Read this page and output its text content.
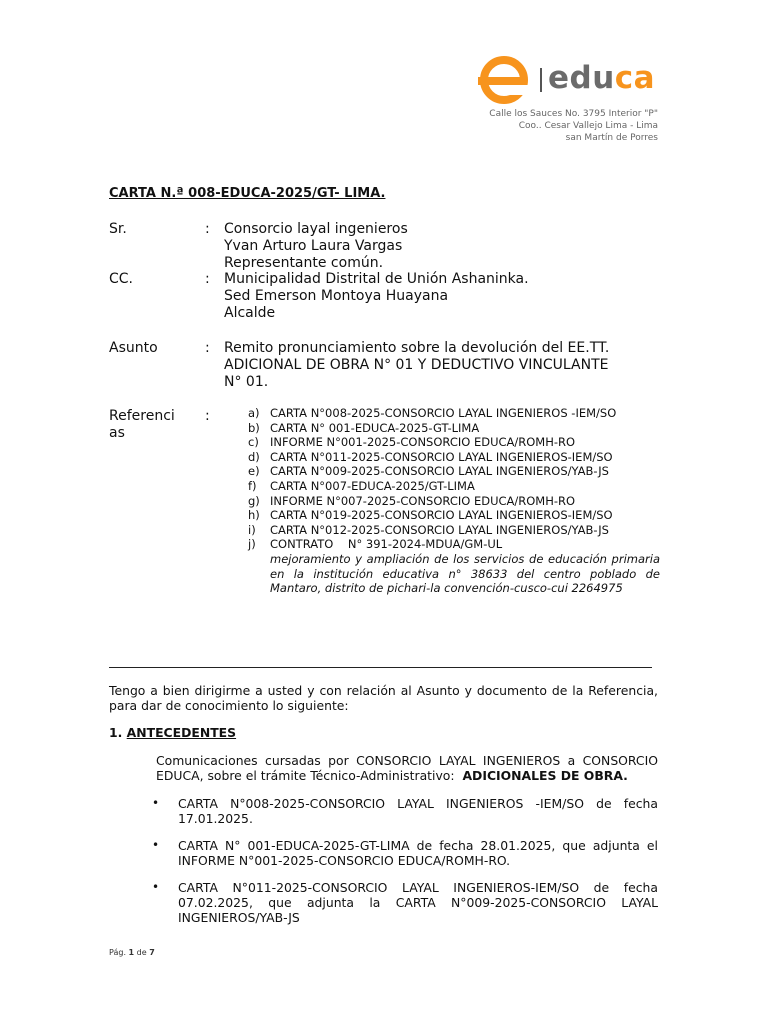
educa
Calle los Sauces No. 3795 Interior "P"
Coo.. Cesar Vallejo Lima - Lima
san Martín de Porres
CARTA N.ª 008-EDUCA-2025/GT- LIMA.
Sr.	: Consorcio layal ingenieros
Yvan Arturo Laura Vargas
Representante común.
CC.	: Municipalidad Distrital de Unión Ashaninka.
Sed Emerson Montoya Huayana
Alcalde
Asunto	: Remito pronunciamiento sobre la devolución del EE.TT.
ADICIONAL DE OBRA N° 01 Y DEDUCTIVO VINCULANTE
N° 01.
Referenci
as
:	a) CARTA N°008-2025-CONSORCIO LAYAL INGENIEROS -IEM/SO
b) CARTA N° 001-EDUCA-2025-GT-LIMA
c) INFORME N°001-2025-CONSORCIO EDUCA/ROMH-RO
d) CARTA N°011-2025-CONSORCIO LAYAL INGENIEROS-IEM/SO
e) CARTA N°009-2025-CONSORCIO LAYAL INGENIEROS/YAB-JS
f)	CARTA N°007-EDUCA-2025/GT-LIMA
g) INFORME N°007-2025-CONSORCIO EDUCA/ROMH-RO
h) CARTA N°019-2025-CONSORCIO LAYAL INGENIEROS-IEM/SO
i)	CARTA N°012-2025-CONSORCIO LAYAL INGENIEROS/YAB-JS
j)	CONTRATO    N° 391-2024-MDUA/GM-UL
mejoramiento y ampliación de los servicios de educación primaria en la institución educativa n° 38633 del centro poblado de Mantaro, distrito de pichari-la convención-cusco-cui 2264975
Tengo a bien dirigirme a usted y con relación al Asunto y documento de la Referencia, para dar de conocimiento lo siguiente:
1. ANTECEDENTES
Comunicaciones cursadas por CONSORCIO LAYAL INGENIEROS a CONSORCIO EDUCA, sobre el trámite Técnico-Administrativo: ADICIONALES DE OBRA.
•	CARTA N°008-2025-CONSORCIO LAYAL INGENIEROS -IEM/SO de fecha 17.01.2025.
•	CARTA N° 001-EDUCA-2025-GT-LIMA de fecha 28.01.2025, que adjunta el INFORME N°001-2025-CONSORCIO EDUCA/ROMH-RO.
•	CARTA N°011-2025-CONSORCIO LAYAL INGENIEROS-IEM/SO de fecha 07.02.2025, que adjunta la CARTA N°009-2025-CONSORCIO LAYAL INGENIEROS/YAB-JS
Pág. 1 de 7
